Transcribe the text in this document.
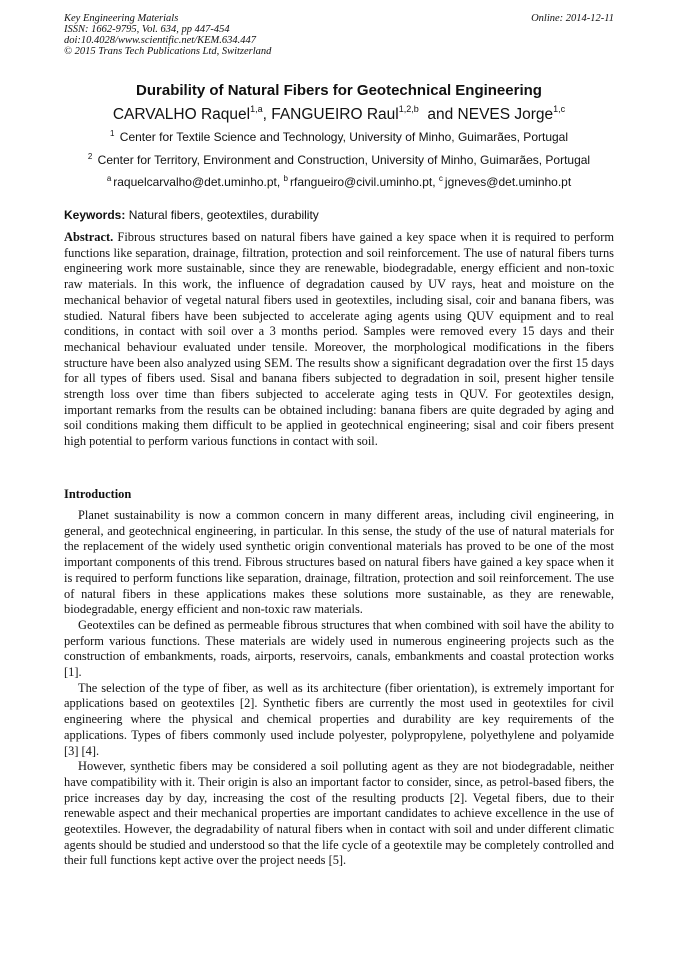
Key Engineering Materials
ISSN: 1662-9795, Vol. 634, pp 447-454
doi:10.4028/www.scientific.net/KEM.634.447
© 2015 Trans Tech Publications Ltd, Switzerland
Online: 2014-12-11
Durability of Natural Fibers for Geotechnical Engineering
CARVALHO Raquel$^{1,a}$, FANGUEIRO Raul$^{1,2,b}$  and NEVES Jorge$^{1,c}$
$^1$ Center for Textile Science and Technology, University of Minho, Guimarães, Portugal
$^2$ Center for Territory, Environment and Construction, University of Minho, Guimarães, Portugal
$^a$ raquelcarvalho@det.uminho.pt, $^b$ rfangueiro@civil.uminho.pt, $^c$ jgneves@det.uminho.pt
Keywords: Natural fibers, geotextiles, durability

Abstract. Fibrous structures based on natural fibers have gained a key space when it is required to perform functions like separation, drainage, filtration, protection and soil reinforcement. The use of natural fibers turns engineering work more sustainable, since they are renewable, biodegradable, energy efficient and non-toxic raw materials. In this work, the influence of degradation caused by UV rays, heat and moisture on the mechanical behavior of vegetal natural fibers used in geotextiles, including sisal, coir and banana fibers, was studied. Natural fibers have been subjected to accelerate aging agents using QUV equipment and to real conditions, in contact with soil over a 3 months period. Samples were removed every 15 days and their mechanical behaviour evaluated under tensile. Moreover, the morphological modifications in the fibers structure have been also analyzed using SEM. The results show a significant degradation over the first 15 days for all types of fibers used. Sisal and banana fibers subjected to degradation in soil, present higher tensile strength loss over time than fibers subjected to accelerate aging tests in QUV. For geotextiles design, important remarks from the results can be obtained including: banana fibers are quite degraded by aging and soil conditions making them difficult to be applied in geotechnical engineering; sisal and coir fibers present high potential to perform various functions in contact with soil.

Introduction

Planet sustainability is now a common concern in many different areas, including civil engineering, in general, and geotechnical engineering, in particular. In this sense, the study of the use of natural materials for the replacement of the widely used synthetic origin conventional materials has proved to be one of the most important components of this trend. Fibrous structures based on natural fibers have gained a key space when it is required to perform functions like separation, drainage, filtration, protection and soil reinforcement. The use of natural fibers in these applications makes these solutions more sustainable, as they are renewable, biodegradable, energy efficient and non-toxic raw materials.

Geotextiles can be defined as permeable fibrous structures that when combined with soil have the ability to perform various functions. These materials are widely used in numerous engineering projects such as the construction of embankments, roads, airports, reservoirs, canals, embankments and coastal protection works [1].

The selection of the type of fiber, as well as its architecture (fiber orientation), is extremely important for applications based on geotextiles [2]. Synthetic fibers are currently the most used in geotextiles for civil engineering where the physical and chemical properties and durability are key requirements of the applications. Types of fibers commonly used include polyester, polypropylene, polyethylene and polyamide [3] [4].

However, synthetic fibers may be considered a soil polluting agent as they are not biodegradable, neither have compatibility with it. Their origin is also an important factor to consider, since, as petrol-based fibers, the price increases day by day, increasing the cost of the resulting products [2]. Vegetal fibers, due to their renewable aspect and their mechanical properties are important candidates to achieve excellence in the use of geotextiles. However, the degradability of natural fibers when in contact with soil and under different climatic agents should be studied and understood so that the life cycle of a geotextile may be completely controlled and their full functions kept active over the project needs [5].
